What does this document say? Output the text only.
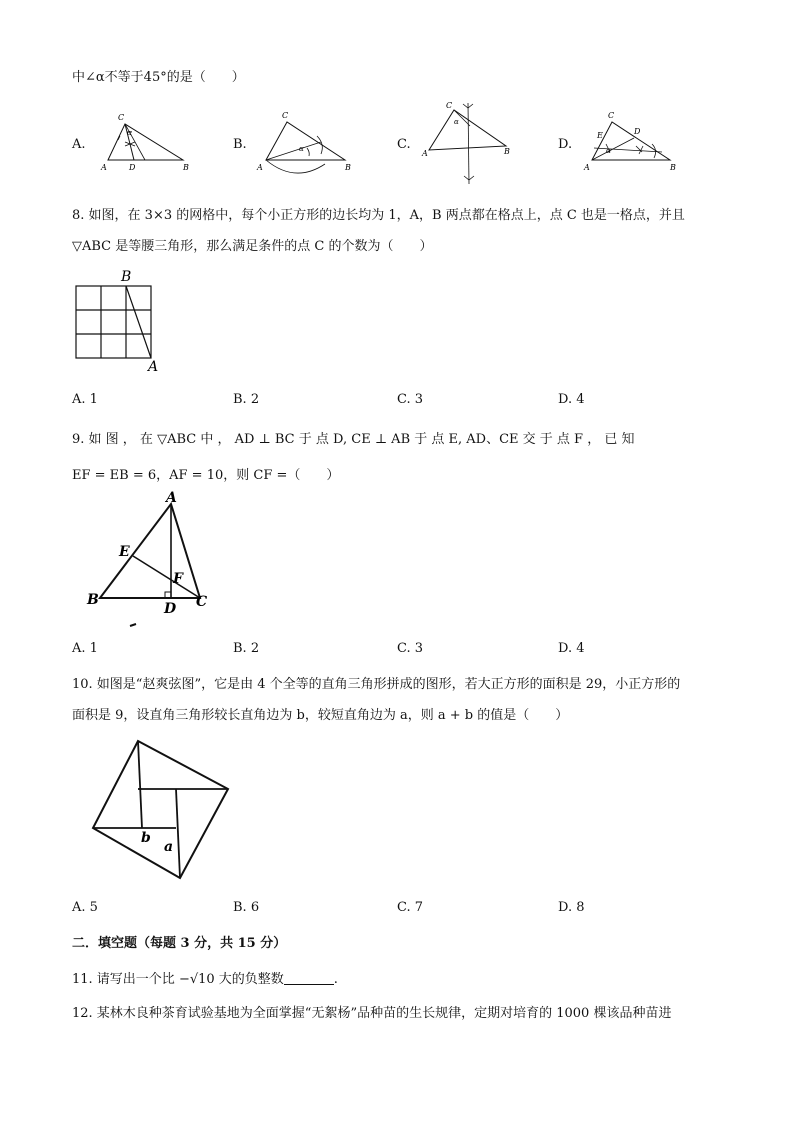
中∠α不等于45°的是（　　）
A.	B.	C.	D.
C
A	D	B
α
C
A	B
α
C
A	B
α
C
E	D
A	B
α
8. 如图，在 3×3 的网格中，每个小正方形的边长均为 1，A，B 两点都在格点上，点 C 也是一格点，并且
▽ABC 是等腰三角形，那么满足条件的点 C 的个数为（　　）
B
A
A. 1	B. 2	C. 3	D. 4
9. 如 图 ， 在 ▽ABC 中 ， AD ⊥ BC 于 点 D, CE ⊥ AB 于 点 E, AD、CE 交 于 点 F ， 已 知
EF = EB = 6，AF = 10，则 CF =（　　）
A
E
F
B
D C
A. 1	B. 2	C. 3	D. 4
10. 如图是“赵爽弦图”，它是由 4 个全等的直角三角形拼成的图形，若大正方形的面积是 29，小正方形的
面积是 9，设直角三角形较长直角边为 b，较短直角边为 a，则 a + b 的值是（　　）
b
a
A. 5	B. 6	C. 7	D. 8
二．填空题（每题 3 分，共 15 分）
11. 请写出一个比 −√10 大的负整数	.
12. 某林木良种茶育试验基地为全面掌握“无絮杨”品种苗的生长规律，定期对培育的 1000 棵该品种苗进
